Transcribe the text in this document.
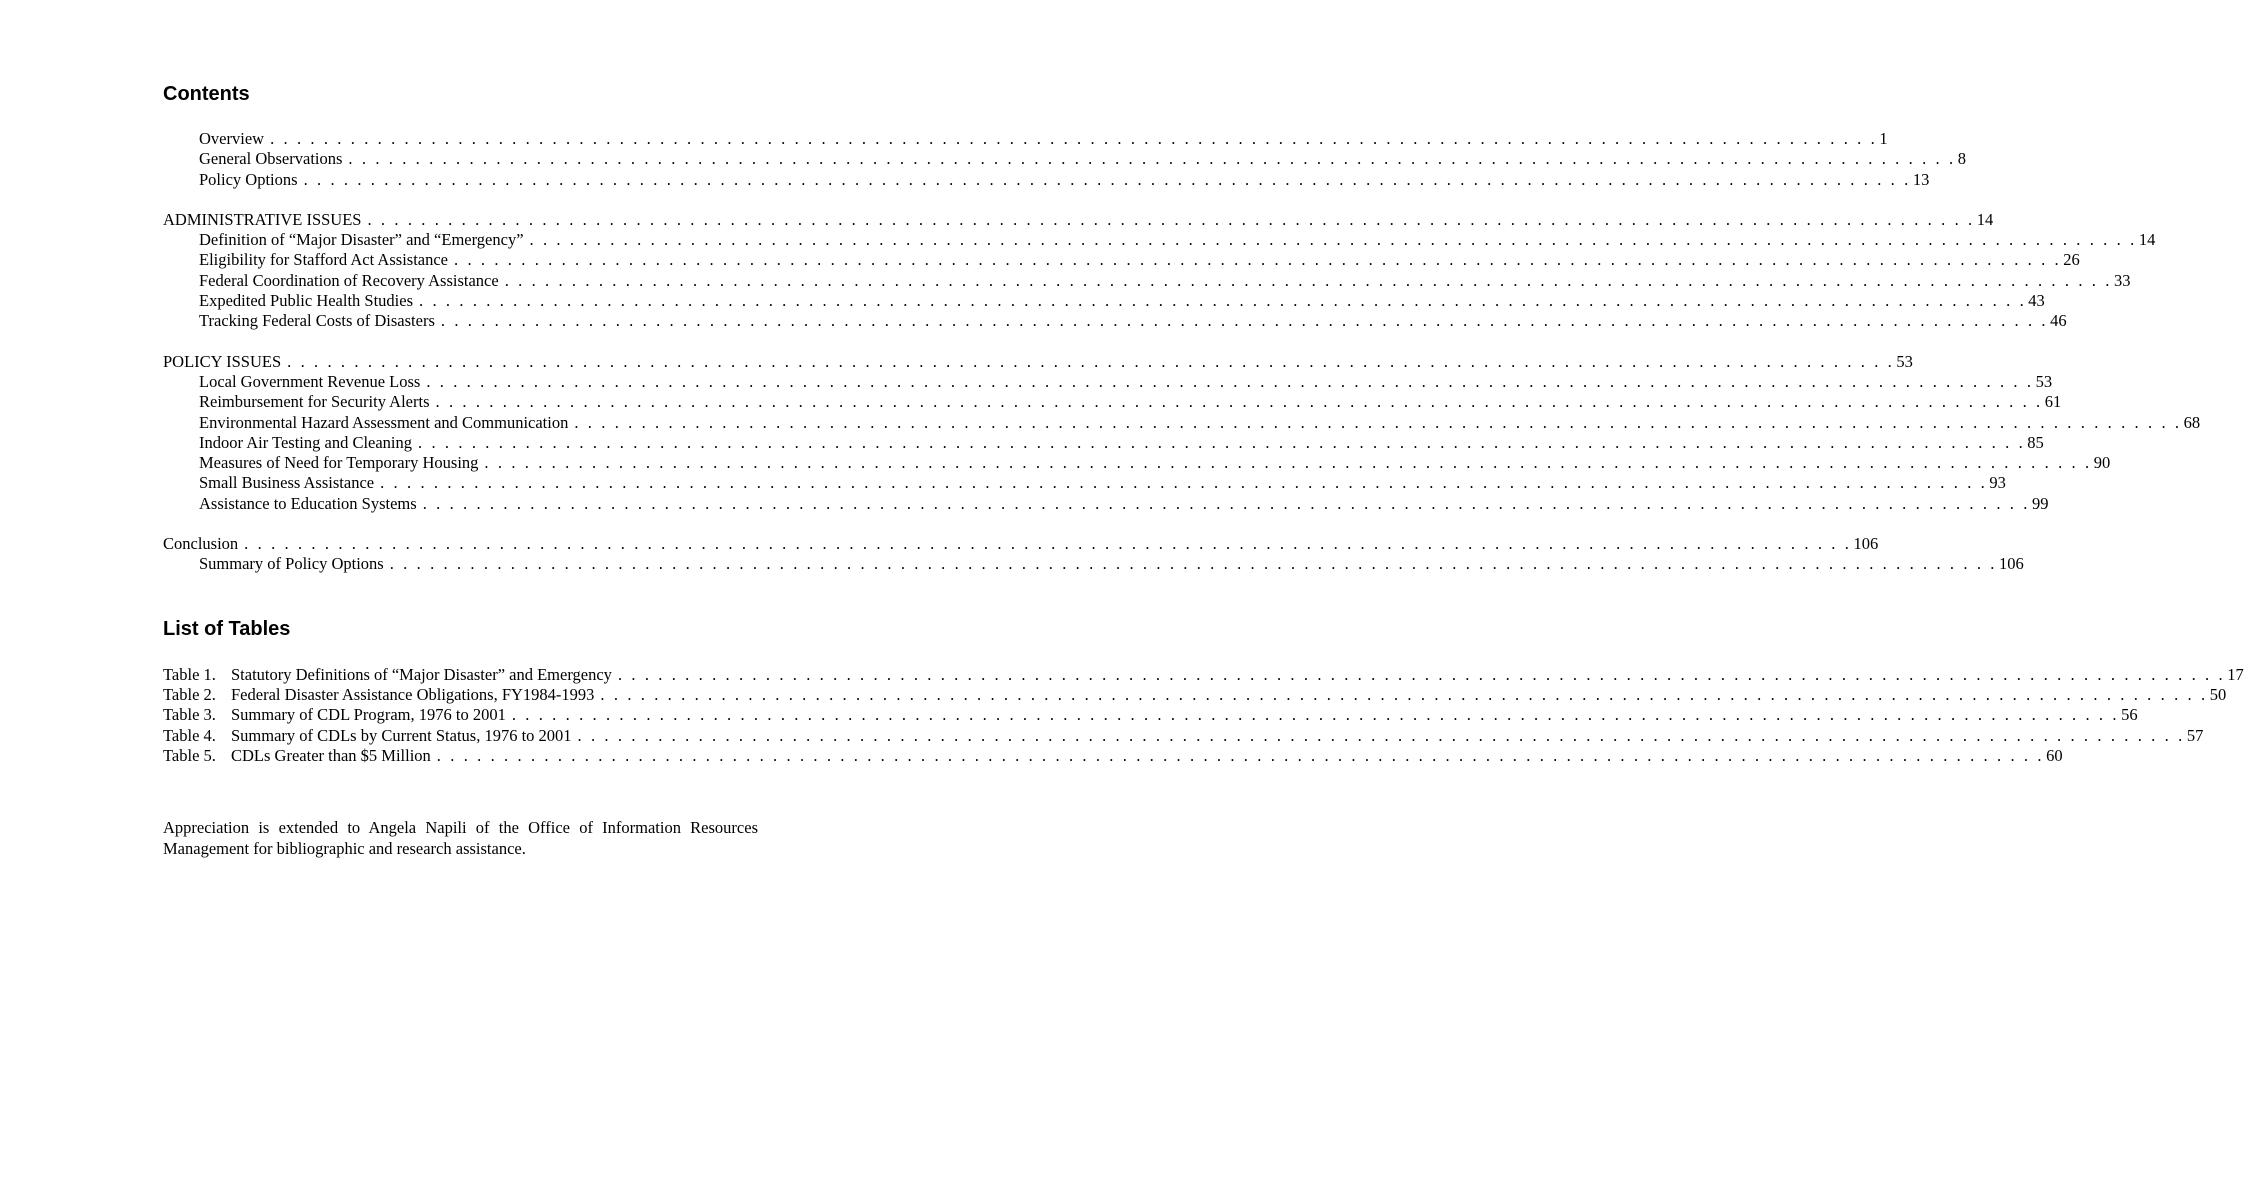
Contents
Overview . . . . . . . . . . . . . . . . . . . . . . . . . . . . . . . . . . . . . . . . . . . . . . . . . . . . . . . . . . . . . . . . . . . . . . . . . . . . . . . . . . . . . . . . . . . . . . . . . . . . . . . . . . . . . . . . . . . . . . . . 1
General Observations . . . . . . . . . . . . . . . . . . . . . . . . . . . . . . . . . . . . . . . . . . . . . . . . . . . . . . . . . . . . . . . . . . . . . . . . . . . . . . . . . . . . . . . . . . . . . . . . . . . . . . . . . . . . . . . . . . . . . . . . 8
Policy Options . . . . . . . . . . . . . . . . . . . . . . . . . . . . . . . . . . . . . . . . . . . . . . . . . . . . . . . . . . . . . . . . . . . . . . . . . . . . . . . . . . . . . . . . . . . . . . . . . . . . . . . . . . . . . . . . . . . . . . . . 13
ADMINISTRATIVE ISSUES . . . . . . . . . . . . . . . . . . . . . . . . . . . . . . . . . . . . . . . . . . . . . . . . . . . . . . . . . . . . . . . . . . . . . . . . . . . . . . . . . . . . . . . . . . . . . . . . . . . . . . . . . . . . . . . . . . . . . . . . 14
Definition of “Major Disaster” and “Emergency” . . . . . . . . . . . . . . . . . . . . . . . . . . . . . . . . . . . . . . . . . . . . . . . . . . . . . . . . . . . . . . . . . . . . . . . . . . . . . . . . . . . . . . . . . . . . . . . . . . . . . . . . . . . . . . . . . . . . . . . . 14
Eligibility for Stafford Act Assistance . . . . . . . . . . . . . . . . . . . . . . . . . . . . . . . . . . . . . . . . . . . . . . . . . . . . . . . . . . . . . . . . . . . . . . . . . . . . . . . . . . . . . . . . . . . . . . . . . . . . . . . . . . . . . . . . . . . . . . . . 26
Federal Coordination of Recovery Assistance . . . . . . . . . . . . . . . . . . . . . . . . . . . . . . . . . . . . . . . . . . . . . . . . . . . . . . . . . . . . . . . . . . . . . . . . . . . . . . . . . . . . . . . . . . . . . . . . . . . . . . . . . . . . . . . . . . . . . . . . 33
Expedited Public Health Studies . . . . . . . . . . . . . . . . . . . . . . . . . . . . . . . . . . . . . . . . . . . . . . . . . . . . . . . . . . . . . . . . . . . . . . . . . . . . . . . . . . . . . . . . . . . . . . . . . . . . . . . . . . . . . . . . . . . . . . . . 43
Tracking Federal Costs of Disasters . . . . . . . . . . . . . . . . . . . . . . . . . . . . . . . . . . . . . . . . . . . . . . . . . . . . . . . . . . . . . . . . . . . . . . . . . . . . . . . . . . . . . . . . . . . . . . . . . . . . . . . . . . . . . . . . . . . . . . . . 46
POLICY ISSUES . . . . . . . . . . . . . . . . . . . . . . . . . . . . . . . . . . . . . . . . . . . . . . . . . . . . . . . . . . . . . . . . . . . . . . . . . . . . . . . . . . . . . . . . . . . . . . . . . . . . . . . . . . . . . . . . . . . . . . . . 53
Local Government Revenue Loss . . . . . . . . . . . . . . . . . . . . . . . . . . . . . . . . . . . . . . . . . . . . . . . . . . . . . . . . . . . . . . . . . . . . . . . . . . . . . . . . . . . . . . . . . . . . . . . . . . . . . . . . . . . . . . . . . . . . . . . . 53
Reimbursement for Security Alerts . . . . . . . . . . . . . . . . . . . . . . . . . . . . . . . . . . . . . . . . . . . . . . . . . . . . . . . . . . . . . . . . . . . . . . . . . . . . . . . . . . . . . . . . . . . . . . . . . . . . . . . . . . . . . . . . . . . . . . . . 61
Environmental Hazard Assessment and Communication . . . . . . . . . . . . . . . . . . . . . . . . . . . . . . . . . . . . . . . . . . . . . . . . . . . . . . . . . . . . . . . . . . . . . . . . . . . . . . . . . . . . . . . . . . . . . . . . . . . . . . . . . . . . . . . . . . . . . . . . 68
Indoor Air Testing and Cleaning . . . . . . . . . . . . . . . . . . . . . . . . . . . . . . . . . . . . . . . . . . . . . . . . . . . . . . . . . . . . . . . . . . . . . . . . . . . . . . . . . . . . . . . . . . . . . . . . . . . . . . . . . . . . . . . . . . . . . . . . 85
Measures of Need for Temporary Housing . . . . . . . . . . . . . . . . . . . . . . . . . . . . . . . . . . . . . . . . . . . . . . . . . . . . . . . . . . . . . . . . . . . . . . . . . . . . . . . . . . . . . . . . . . . . . . . . . . . . . . . . . . . . . . . . . . . . . . . . 90
Small Business Assistance . . . . . . . . . . . . . . . . . . . . . . . . . . . . . . . . . . . . . . . . . . . . . . . . . . . . . . . . . . . . . . . . . . . . . . . . . . . . . . . . . . . . . . . . . . . . . . . . . . . . . . . . . . . . . . . . . . . . . . . . 93
Assistance to Education Systems . . . . . . . . . . . . . . . . . . . . . . . . . . . . . . . . . . . . . . . . . . . . . . . . . . . . . . . . . . . . . . . . . . . . . . . . . . . . . . . . . . . . . . . . . . . . . . . . . . . . . . . . . . . . . . . . . . . . . . . . 99
Conclusion . . . . . . . . . . . . . . . . . . . . . . . . . . . . . . . . . . . . . . . . . . . . . . . . . . . . . . . . . . . . . . . . . . . . . . . . . . . . . . . . . . . . . . . . . . . . . . . . . . . . . . . . . . . . . . . . . . . . . . . . 106
Summary of Policy Options . . . . . . . . . . . . . . . . . . . . . . . . . . . . . . . . . . . . . . . . . . . . . . . . . . . . . . . . . . . . . . . . . . . . . . . . . . . . . . . . . . . . . . . . . . . . . . . . . . . . . . . . . . . . . . . . . . . . . . . . 106
List of Tables
Table 1. Statutory Definitions of “Major Disaster” and Emergency . . . . . . . . . . . . . . . . . . . . . . . . . . . . . . . . . . . . . . . . . . . . . . . . . . . . . . . . . . . . . . . . . . . . . . . . . . . . . . . . . . . . . . . . . . . . . . . . . . . . . . . . . . . . . . . . . . . . . . . . 17
Table 2. Federal Disaster Assistance Obligations, FY1984-1993 . . . . . . . . . . . . . . . . . . . . . . . . . . . . . . . . . . . . . . . . . . . . . . . . . . . . . . . . . . . . . . . . . . . . . . . . . . . . . . . . . . . . . . . . . . . . . . . . . . . . . . . . . . . . . . . . . . . . . . . . 50
Table 3. Summary of CDL Program, 1976 to 2001 . . . . . . . . . . . . . . . . . . . . . . . . . . . . . . . . . . . . . . . . . . . . . . . . . . . . . . . . . . . . . . . . . . . . . . . . . . . . . . . . . . . . . . . . . . . . . . . . . . . . . . . . . . . . . . . . . . . . . . . . 56
Table 4. Summary of CDLs by Current Status, 1976 to 2001 . . . . . . . . . . . . . . . . . . . . . . . . . . . . . . . . . . . . . . . . . . . . . . . . . . . . . . . . . . . . . . . . . . . . . . . . . . . . . . . . . . . . . . . . . . . . . . . . . . . . . . . . . . . . . . . . . . . . . . . . 57
Table 5. CDLs Greater than $5 Million . . . . . . . . . . . . . . . . . . . . . . . . . . . . . . . . . . . . . . . . . . . . . . . . . . . . . . . . . . . . . . . . . . . . . . . . . . . . . . . . . . . . . . . . . . . . . . . . . . . . . . . . . . . . . . . . . . . . . . . . 60

Appreciation is extended to Angela Napili of the Office of Information Resources Management for bibliographic and research assistance.
